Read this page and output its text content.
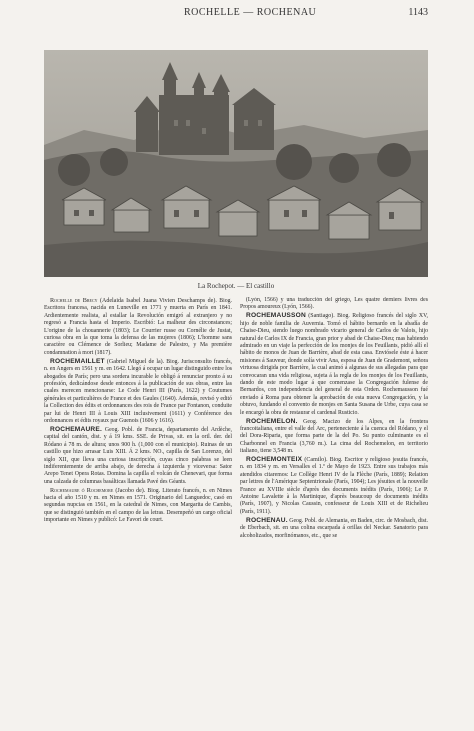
ROCHELLE — ROCHENAU	1143
La Rochepot. — El castillo

Rochelle de Brecy (Adelaida Isabel Juana Vivien Deschamps de). Biog. Escritora francesa, nacida en Luneville en 1771 y muerta en París en 1841. Ardientemente realista, al estallar la Revolución emigró al extranjero y no regresó a Francia hasta el Imperio. Escribió: La malheur des circonstances; L'origine de la chouannerie (1803); Le Courrier russe ou Cornélie de Justat, curiosa obra en la que toma la defensa de las mujeres (1806); L'homme sans caractère ou Clémence de Sorlieu; Madame de Palestro, y Ma première condamnation à mort (1817).

ROCHEMAILLET (Gabriel Miguel de la). Biog. Jurisconsulto francés, n. en Angers en 1561 y m. en 1642. Llegó á ocupar un lugar distinguido entre los abogados de París; pero una sordera incurable le obligó á renunciar pronto á su profesión, dedicándose desde entonces á la publicación de sus obras, entre las cuales merecen mencionarse: Le Code Henri III (París, 1622) y Coutumes générales et particulières de France et des Gaules (1640). Además, revisó y editó la Collection des édits et ordonnances des rois de France par Fontanon, conduite par lui de Henri III à Louis XIII inclusivement (1611) y Conférence des ordonnances et édits royaux par Guenois (1606 y 1616).

ROCHEMAURE. Geog. Pobl. de Francia, departamento del Ardèche, capital del cantón, dist. y á 19 kms. SSE. de Privas, sit. en la oril. der. del Ródano á 78 m. de altura; unos 900 h. (1,000 con el municipio). Ruinas de un castillo que hizo arrasar Luis XIII. Á 2 kms. NO., capilla de San Lorenzo, del siglo XII, que lleva una curiosa inscripción, cuyas cinco palabras se leen indiferentemente de arriba abajo, de derecha á izquierda y viceversa: Sator Arepo Tenet Opera Rotas. Domina la capilla el volcán de Chenevari, que forma una calzada de columnas basálticas llamada Pavé des Géants.

Rochemaure ó Rochemore (Jacobo de). Biog. Literato francés, n. en Nimes hacia el año 1510 y m. en Nimes en 1571. Originario del Languedoc, casó en segundas nupcias en 1561, en la catedral de Nimes, con Margarita de Cambis, que se distinguió también en el campo de las letras. Desempeñó un cargo oficial importante en Nimes y publicó: Le Favori de court.

(Lyón, 1566) y una traducción del griego, Les quatre derniers livres des Propos amoureux (Lyón, 1566).

ROCHEMAUSSON (Santiago). Biog. Religioso francés del siglo XV, hijo de noble familia de Auvernia. Tomó el hábito bernardo en la abadía de Chaise-Dieu, siendo luego nombrado vicario general de Carlos de Valois, hijo natural de Carlos IX de Francia, gran prior y abad de Chaise-Dieu; mas habiendo admirado en un viaje la perfección de los monjes de los Feuillants, pidió allí el hábito de monos de Juan de Barrière, abad de esta casa. Enviósele éste á hacer misiones á Sauveur, donde solía vivir Ana, esposa de Juan de Grademont, señora virtuosa dirigida por Barrière, la cual animó á algunas de sus allegadas para que convocaran una vida religiosa, sujeta á la regla de los monjes de los Feuillants, dando de este modo lugar á que comenzase la Congregación fulense de Bernardos, con independencia del general de esta Orden. Rochemausson fué enviado á Roma para obtener la aprobación de esta nueva Congregación, y la obtuvo, fundando el convento de monjes en Santa Susana de Urbe, cuya casa se le encargó la obra de restaurar el cardenal Rusticio.

ROCHEMELON. Geog. Macizo de los Alpes, en la frontera francoitaliana, entre el valle del Arc, perteneciente á la cuenca del Ródano, y el del Dora-Riparia, que forma parte de la del Po. Su punto culminante es el Charbonnel en Francia (3,760 m.). La cima del Rochemelon, en territorio italiano, tiene 3,548 m.

ROCHEMONTEIX (Camilo). Biog. Escritor y religioso jesuita francés, n. en 1834 y m. en Versalles el 1.º de Mayo de 1923. Entre sus trabajos más atendidos citaremos: Le Collège Henri IV de la Flèche (París, 1889); Relation par lettres de l'Amérique Septentrionale (París, 1904); Les jésuites et la nouvelle France au XVIIIe siècle d'après des documents inédits (París, 1906); Le P. Antoine Lavalette à la Martinique, d'après beaucoup de documents inédits (París, 1907), y Nicolas Caussin, confesseur de Louis XIII et de Richelieu (París, 1911).

ROCHENAU. Geog. Pobl. de Alemania, en Baden, circ. de Mosbach, dist. de Eberbach, sit. en una colina escarpada á orillas del Neckar. Sanatorio para alcoholizados, morfinómanos, etc., que se
